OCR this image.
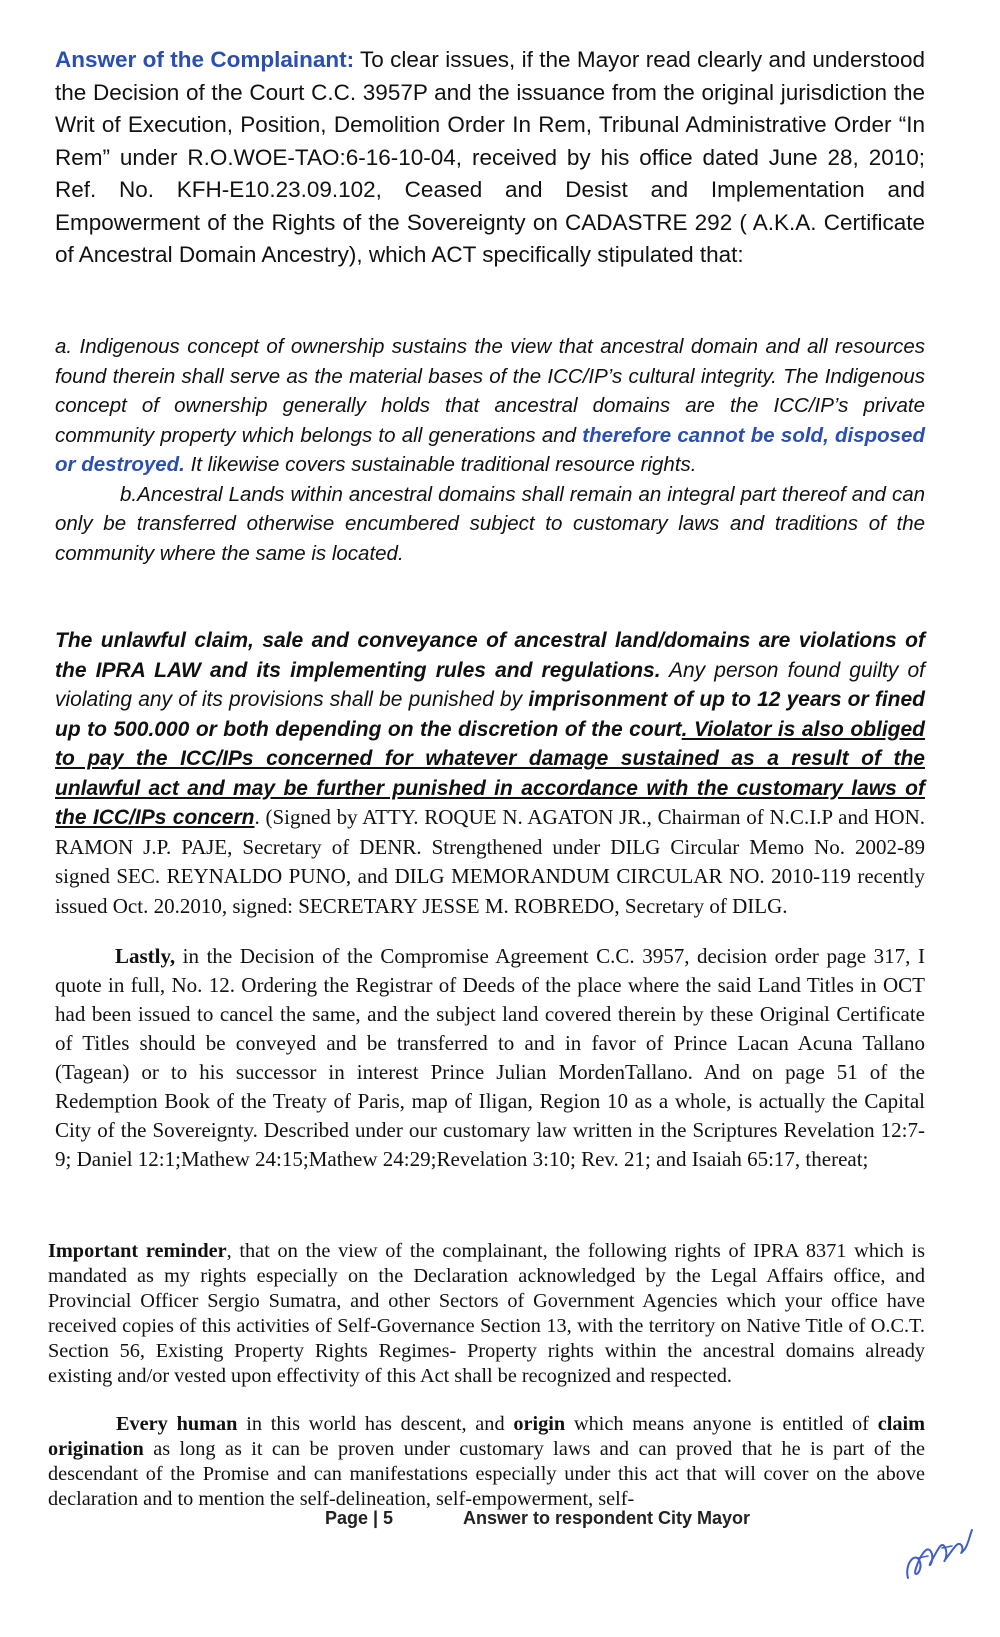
Answer of the Complainant: To clear issues, if the Mayor read clearly and understood the Decision of the Court C.C. 3957P and the issuance from the original jurisdiction the Writ of Execution, Position, Demolition Order In Rem, Tribunal Administrative Order “In Rem” under R.O.WOE-TAO:6-16-10-04, received by his office dated June 28, 2010; Ref. No. KFH-E10.23.09.102, Ceased and Desist and Implementation and Empowerment of the Rights of the Sovereignty on CADASTRE 292 ( A.K.A. Certificate of Ancestral Domain Ancestry), which ACT specifically stipulated that:

a. Indigenous concept of ownership sustains the view that ancestral domain and all resources found therein shall serve as the material bases of the ICC/IP’s cultural integrity. The Indigenous concept of ownership generally holds that ancestral domains are the ICC/IP’s private community property which belongs to all generations and therefore cannot be sold, disposed or destroyed. It likewise covers sustainable traditional resource rights.

b.Ancestral Lands within ancestral domains shall remain an integral part thereof and can only be transferred otherwise encumbered subject to customary laws and traditions of the community where the same is located.

The unlawful claim, sale and conveyance of ancestral land/domains are violations of the IPRA LAW and its implementing rules and regulations. Any person found guilty of violating any of its provisions shall be punished by imprisonment of up to 12 years or fined up to 500.000 or both depending on the discretion of the court. Violator is also obliged to pay the ICC/IPs concerned for whatever damage sustained as a result of the unlawful act and may be further punished in accordance with the customary laws of the ICC/IPs concern. (Signed by ATTY. ROQUE N. AGATON JR., Chairman of N.C.I.P and HON. RAMON J.P. PAJE, Secretary of DENR. Strengthened under DILG Circular Memo No. 2002-89 signed SEC. REYNALDO PUNO, and DILG MEMORANDUM CIRCULAR NO. 2010-119 recently issued Oct. 20.2010, signed: SECRETARY JESSE M. ROBREDO, Secretary of DILG.

Lastly, in the Decision of the Compromise Agreement C.C. 3957, decision order page 317, I quote in full, No. 12. Ordering the Registrar of Deeds of the place where the said Land Titles in OCT had been issued to cancel the same, and the subject land covered therein by these Original Certificate of Titles should be conveyed and be transferred to and in favor of Prince Lacan Acuna Tallano (Tagean) or to his successor in interest Prince Julian MordenTallano. And on page 51 of the Redemption Book of the Treaty of Paris, map of Iligan, Region 10 as a whole, is actually the Capital City of the Sovereignty. Described under our customary law written in the Scriptures Revelation 12:7-9; Daniel 12:1;Mathew 24:15;Mathew 24:29;Revelation 3:10; Rev. 21; and Isaiah 65:17, thereat;

Important reminder, that on the view of the complainant, the following rights of IPRA 8371 which is mandated as my rights especially on the Declaration acknowledged by the Legal Affairs office, and Provincial Officer Sergio Sumatra, and other Sectors of Government Agencies which your office have received copies of this activities of Self-Governance Section 13, with the territory on Native Title of O.C.T. Section 56, Existing Property Rights Regimes- Property rights within the ancestral domains already existing and/or vested upon effectivity of this Act shall be recognized and respected.

Every human in this world has descent, and origin which means anyone is entitled of claim origination as long as it can be proven under customary laws and can proved that he is part of the descendant of the Promise and can manifestations especially under this act that will cover on the above declaration and to mention the self-delineation, self-empowerment, self-

Page | 5	Answer to respondent City Mayor
